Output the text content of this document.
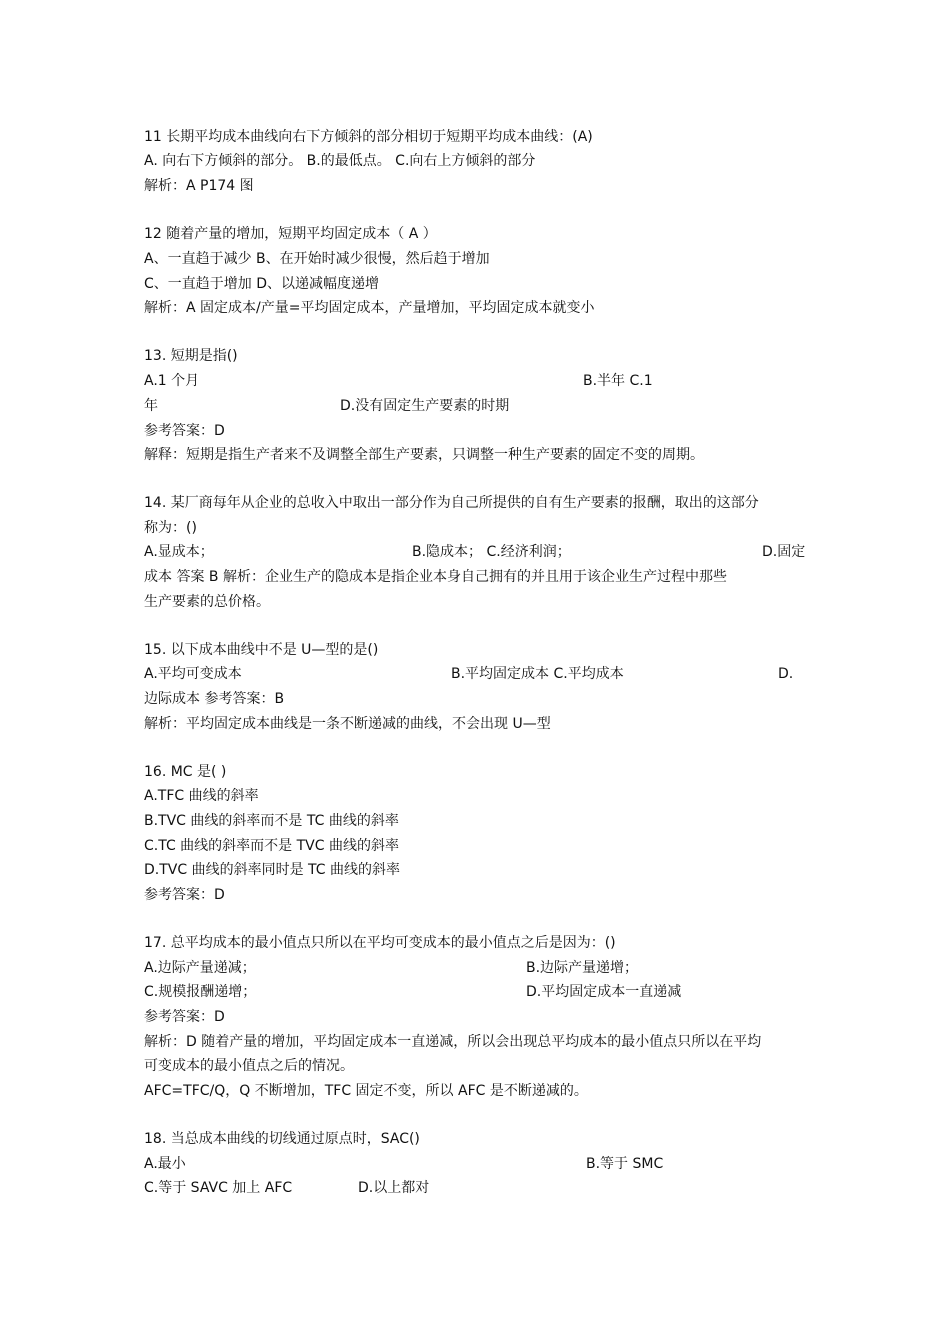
11 长期平均成本曲线向右下方倾斜的部分相切于短期平均成本曲线：(A)
A. 向右下方倾斜的部分。 B.的最低点。 C.向右上方倾斜的部分
解析：A P174 图
12 随着产量的增加，短期平均固定成本（ A ）
A、一直趋于减少 B、在开始时减少很慢，然后趋于增加
C、一直趋于增加 D、以递减幅度递增
解析：A 固定成本/产量=平均固定成本，产量增加，平均固定成本就变小
13. 短期是指()
A.1 个月	B.半年 C.1
年	D.没有固定生产要素的时期
参考答案：D
解释：短期是指生产者来不及调整全部生产要素，只调整一种生产要素的固定不变的周期。
14. 某厂商每年从企业的总收入中取出一部分作为自己所提供的自有生产要素的报酬，取出的这部分
称为：()
A.显成本；	B.隐成本； C.经济利润；	D.固定
成本 答案 B 解析：企业生产的隐成本是指企业本身自己拥有的并且用于该企业生产过程中那些
生产要素的总价格。
15. 以下成本曲线中不是 U—型的是()
A.平均可变成本	B.平均固定成本 C.平均成本	D.
边际成本 参考答案：B
解析：平均固定成本曲线是一条不断递减的曲线，不会出现 U—型
16. MC 是( )
A.TFC 曲线的斜率
B.TVC 曲线的斜率而不是 TC 曲线的斜率
C.TC 曲线的斜率而不是 TVC 曲线的斜率
D.TVC 曲线的斜率同时是 TC 曲线的斜率
参考答案：D
17. 总平均成本的最小值点只所以在平均可变成本的最小值点之后是因为：()
A.边际产量递减；	B.边际产量递增；
C.规模报酬递增；	D.平均固定成本一直递减
参考答案：D
解析：D 随着产量的增加，平均固定成本一直递减，所以会出现总平均成本的最小值点只所以在平均
可变成本的最小值点之后的情况。
AFC=TFC/Q，Q 不断增加，TFC 固定不变，所以 AFC 是不断递减的。
18. 当总成本曲线的切线通过原点时，SAC()
A.最小	B.等于 SMC
C.等于 SAVC 加上 AFC	D.以上都对
